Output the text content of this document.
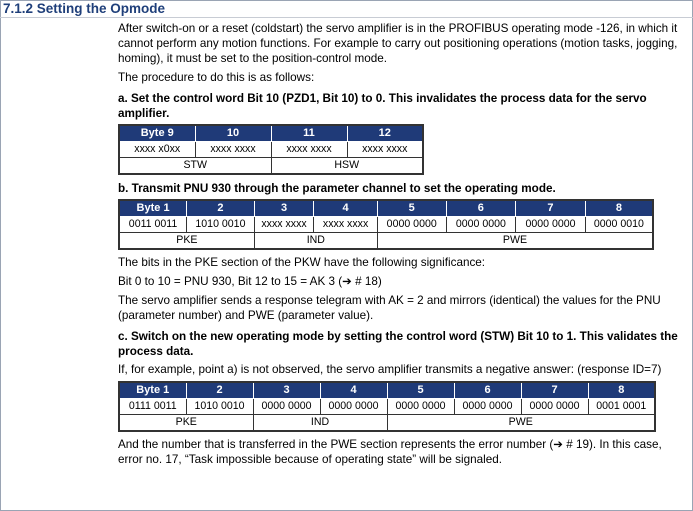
7.1.2 Setting the Opmode

After switch-on or a reset (coldstart) the servo amplifier is in the PROFIBUS operating mode -126, in which it cannot perform any motion functions. For example to carry out positioning operations (motion tasks, jogging, homing), it must be set to the position-control mode.

The procedure to do this is as follows:

a. Set the control word Bit 10 (PZD1, Bit 10) to 0. This invalidates the process data for the servo amplifier.

Byte 9	10	11	12
xxxx x0xx	xxxx xxxx	xxxx xxxx	xxxx xxxx
STW		HSW	

b. Transmit PNU 930 through the parameter channel to set the operating mode.

Byte 1	2	3	4	5	6	7	8
0011 0011	1010 0010	xxxx xxxx	xxxx xxxx	0000 0000	0000 0000	0000 0000	0000 0010
PKE		IND		PWE			

The bits in the PKE section of the PKW have the following significance:

Bit 0 to 10 = PNU 930, Bit 12 to 15 = AK 3 (➔ # 18)

The servo amplifier sends a response telegram with AK = 2 and mirrors (identical) the values for the PNU (parameter number) and PWE (parameter value).

c. Switch on the new operating mode by setting the control word (STW) Bit 10 to 1. This validates the process data.

If, for example, point a) is not observed, the servo amplifier transmits a negative answer: (response ID=7)

Byte 1	2	3	4	5	6	7	8
0111 0011	1010 0010	0000 0000	0000 0000	0000 0000	0000 0000	0000 0000	0001 0001
PKE		IND		PWE			

And the number that is transferred in the PWE section represents the error number (➔ # 19). In this case, error no. 17, “Task impossible because of operating state” will be signaled.
